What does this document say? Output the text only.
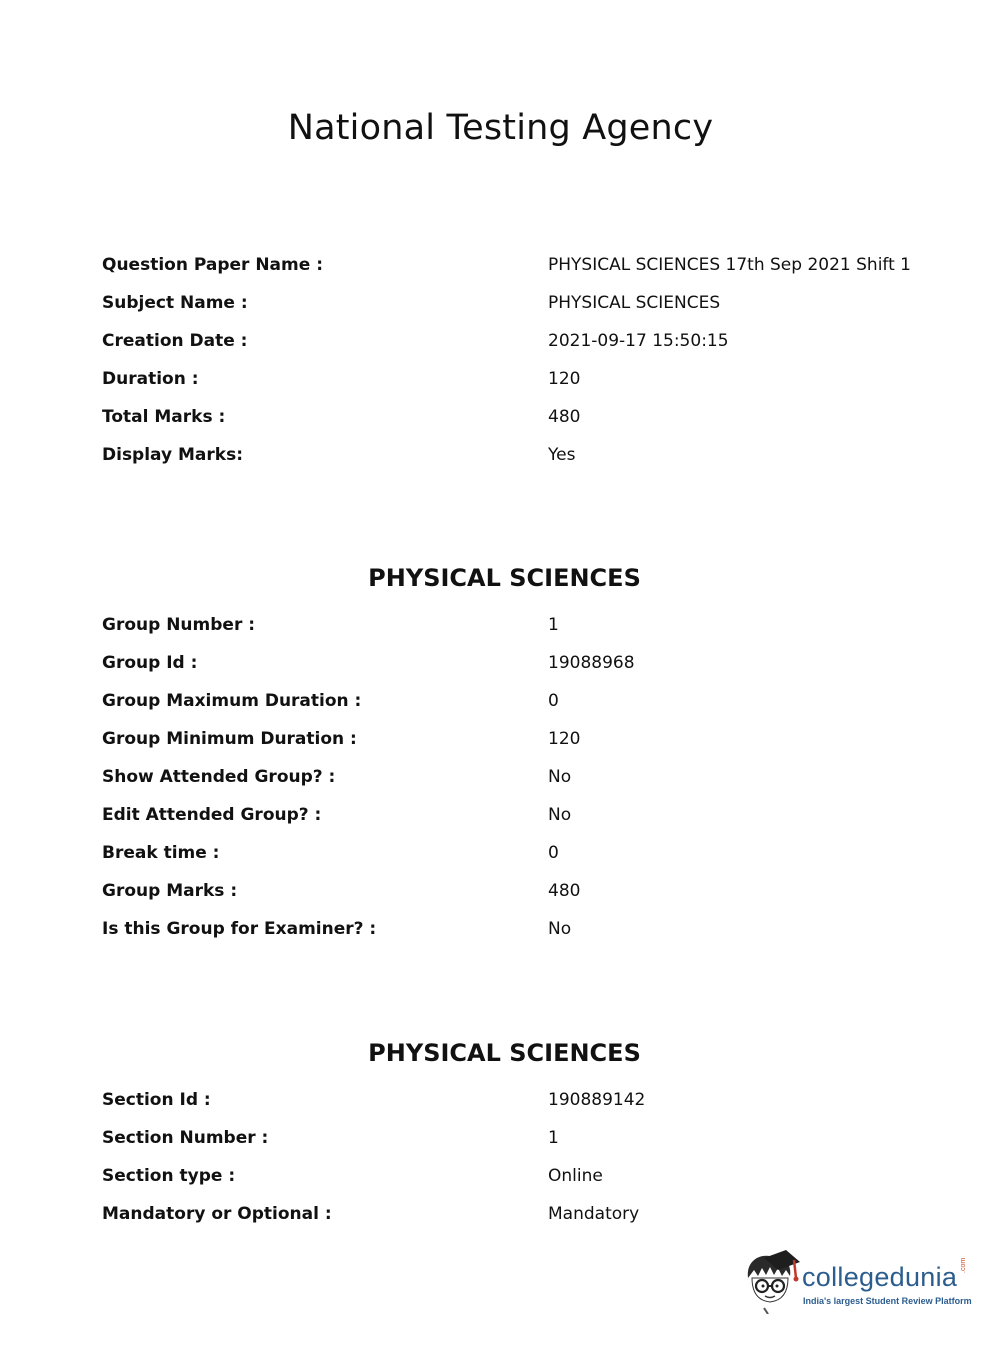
National Testing Agency
Question Paper Name :	PHYSICAL SCIENCES 17th Sep 2021 Shift 1
Subject Name :	PHYSICAL SCIENCES
Creation Date :	2021-09-17 15:50:15
Duration :	120
Total Marks :	480
Display Marks:	Yes
PHYSICAL SCIENCES
Group Number :	1
Group Id :	19088968
Group Maximum Duration :	0
Group Minimum Duration :	120
Show Attended Group? :	No
Edit Attended Group? :	No
Break time :	0
Group Marks :	480
Is this Group for Examiner? :	No
PHYSICAL SCIENCES
Section Id :	190889142
Section Number :	1
Section type :	Online
Mandatory or Optional :	Mandatory
collegedunia .com
India's largest Student Review Platform
